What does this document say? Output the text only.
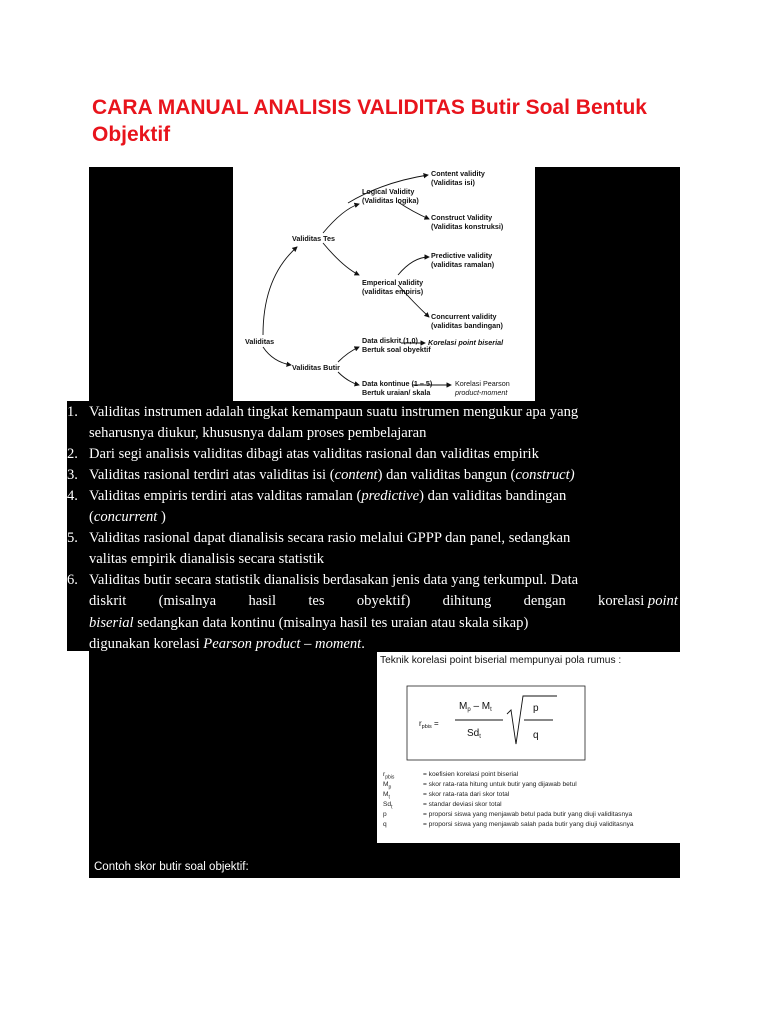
CARA MANUAL ANALISIS VALIDITAS Butir Soal Bentuk Objektif
Content validity
(Validitas isi)
Logical Validity
(Validitas logika)
Construct Validity
(Validitas konstruksi)
Validitas Tes
Predictive validity
(validitas ramalan)
Emperical validity
(validitas empiris)
Concurrent validity
(validitas bandingan)
Validitas	Data diskrit (1,0)
Bertuk soal obyektif
Korelasi point biserial
Validitas Butir
Data kontinue (1 – 5)
Bertuk uraian/ skala
Korelasi Pearson
product-moment
1. Validitas instrumen adalah tingkat kemampaun suatu instrumen mengukur apa yang
seharusnya diukur, khususnya dalam proses pembelajaran
2. Dari segi analisis validitas dibagi atas validitas rasional dan validitas empirik
3. Validitas rasional terdiri atas validitas isi (content) dan validitas bangun (construct)
4. Validitas empiris terdiri atas valditas ramalan (predictive) dan validitas bandingan
(concurrent )
5. Validitas rasional dapat dianalisis secara rasio melalui GPPP dan panel, sedangkan
valitas empirik dianalisis secara statistik
6. Validitas butir secara statistik dianalisis berdasakan jenis data yang terkumpul. Data
diskrit (misalnya hasil tes obyektif) dihitung dengan korelasi point
biserial sedangkan data kontinu (misalnya hasil tes uraian atau skala sikap)
digunakan korelasi Pearson product – moment.
Teknik korelasi point biserial mempunyai pola rumus :
$r_{pbis}$ =
$M_p - M_t$
$Sd_t$
p
q
$r_{pbis}$	= koefisien korelasi point biserial
$M_p$	= skor rata-rata hitung untuk butir yang dijawab betul
$M_t$	= skor rata-rata dari skor total
$Sd_t$	= standar deviasi skor total
p	= proporsi siswa yang menjawab betul pada butir yang diuji validitasnya
q	= proporsi siswa yang menjawab salah pada butir yang diuji validitasnya
Contoh skor butir soal objektif:
